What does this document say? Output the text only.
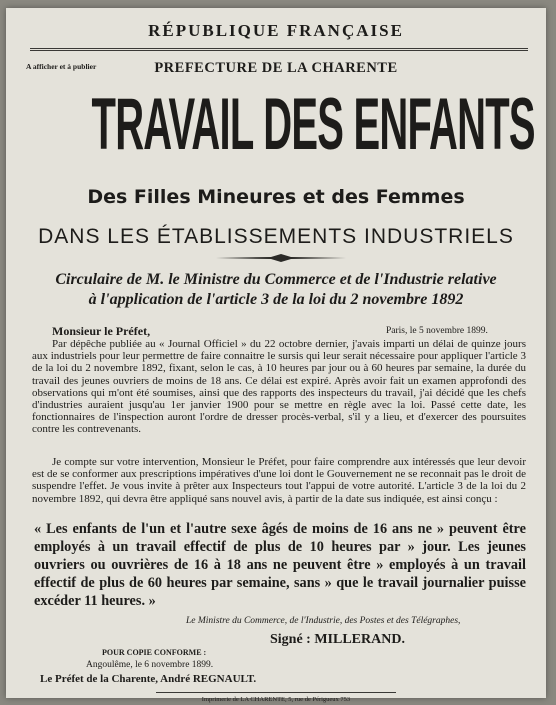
RÉPUBLIQUE FRANÇAISE
A afficher et à publier	PREFECTURE DE LA CHARENTE
TRAVAIL DES ENFANTS
Des Filles Mineures et des Femmes
DANS LES ÉTABLISSEMENTS INDUSTRIELS
Circulaire de M. le Ministre du Commerce et de l'Industrie relative
à l'application de l'article 3 de la loi du 2 novembre 1892
Monsieur le Préfet,	Paris, le 5 novembre 1899.

Par dépêche publiée au « Journal Officiel » du 22 octobre dernier, j'avais imparti un délai de quinze jours aux industriels pour leur permettre de faire connaitre le sursis qui leur serait nécessaire pour appliquer l'article 3 de la loi du 2 novembre 1892, fixant, selon le cas, à 10 heures par jour ou à 60 heures par semaine, la durée du travail des jeunes ouvriers de moins de 18 ans. Ce délai est expiré. Après avoir fait un examen approfondi des observations qui m'ont été soumises, ainsi que des rapports des inspecteurs du travail, j'ai décidé que les chefs d'industries auraient jusqu'au 1er janvier 1900 pour se mettre en règle avec la loi. Passé cette date, les fonctionnaires de l'inspection auront l'ordre de dresser procès-verbal, s'il y a lieu, et d'exercer des poursuites contre les contrevenants.

Je compte sur votre intervention, Monsieur le Préfet, pour faire comprendre aux intéressés que leur devoir est de se conformer aux prescriptions impératives d'une loi dont le Gouvernement ne se reconnait pas le droit de suspendre l'effet. Je vous invite à prêter aux Inspecteurs tout l'appui de votre autorité. L'article 3 de la loi du 2 novembre 1892, qui devra être appliqué sans nouvel avis, à partir de la date sus indiquée, est ainsi conçu :

« Les enfants de l'un et l'autre sexe âgés de moins de 16 ans ne » peuvent être employés à un travail effectif de plus de 10 heures par » jour. Les jeunes ouvriers ou ouvrières de 16 à 18 ans ne peuvent être » employés à un travail effectif de plus de 60 heures par semaine, sans » que le travail journalier puisse excéder 11 heures. »

Le Ministre du Commerce, de l'Industrie, des Postes et des Télégraphes,
Signé : MILLERAND.
POUR COPIE CONFORME :
Angoulême, le 6 novembre 1899.
Le Préfet de la Charente, André REGNAULT.
Imprimerie de LA CHARENTE, 5, rue de Périgueux 753
